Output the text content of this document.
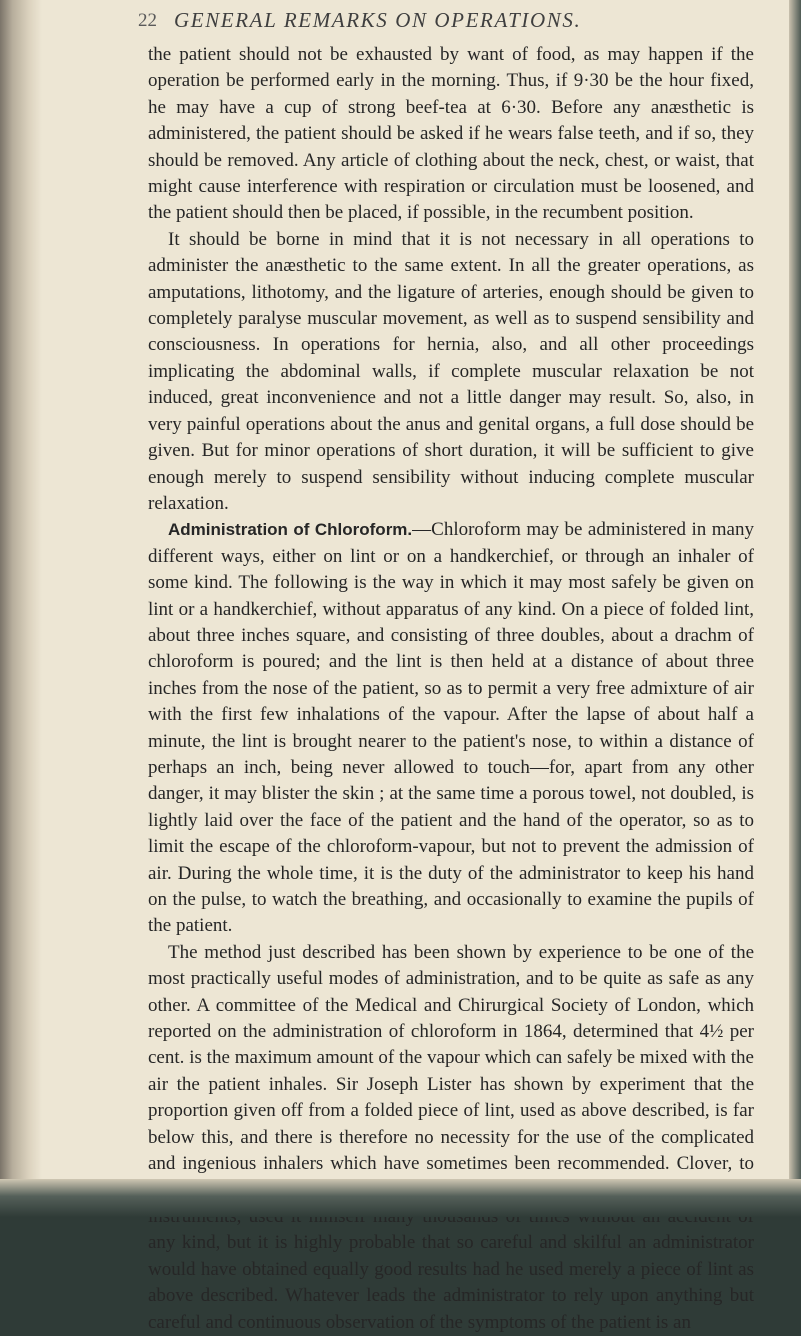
22 GENERAL REMARKS ON OPERATIONS.

the patient should not be exhausted by want of food, as may happen if the operation be performed early in the morning. Thus, if 9·30 be the hour fixed, he may have a cup of strong beef-tea at 6·30. Before any anæsthetic is administered, the patient should be asked if he wears false teeth, and if so, they should be removed. Any article of clothing about the neck, chest, or waist, that might cause interference with respiration or circulation must be loosened, and the patient should then be placed, if possible, in the recumbent position.

It should be borne in mind that it is not necessary in all operations to administer the anæsthetic to the same extent. In all the greater operations, as amputations, lithotomy, and the ligature of arteries, enough should be given to completely paralyse muscular movement, as well as to suspend sensibility and consciousness. In operations for hernia, also, and all other proceedings implicating the abdominal walls, if complete muscular relaxation be not induced, great inconvenience and not a little danger may result. So, also, in very painful operations about the anus and genital organs, a full dose should be given. But for minor operations of short duration, it will be sufficient to give enough merely to suspend sensibility without inducing complete muscular relaxation.

Administration of Chloroform.—Chloroform may be administered in many different ways, either on lint or on a handkerchief, or through an inhaler of some kind. The following is the way in which it may most safely be given on lint or a handkerchief, without apparatus of any kind. On a piece of folded lint, about three inches square, and consisting of three doubles, about a drachm of chloroform is poured; and the lint is then held at a distance of about three inches from the nose of the patient, so as to permit a very free admixture of air with the first few inhalations of the vapour. After the lapse of about half a minute, the lint is brought nearer to the patient's nose, to within a distance of perhaps an inch, being never allowed to touch—for, apart from any other danger, it may blister the skin ; at the same time a porous towel, not doubled, is lightly laid over the face of the patient and the hand of the operator, so as to limit the escape of the chloroform-vapour, but not to prevent the admission of air. During the whole time, it is the duty of the administrator to keep his hand on the pulse, to watch the breathing, and occasionally to examine the pupils of the patient.

The method just described has been shown by experience to be one of the most practically useful modes of administration, and to be quite as safe as any other. A committee of the Medical and Chirurgical Society of London, which reported on the administration of chloroform in 1864, determined that 4½ per cent. is the maximum amount of the vapour which can safely be mixed with the air the patient inhales. Sir Joseph Lister has shown by experiment that the proportion given off from a folded piece of lint, used as above described, is far below this, and there is therefore no necessity for the use of the complicated and ingenious inhalers which have sometimes been recommended. Clover, to any kind, but it is highly probable that so careful and skilful an administrator would have obtained equally good results had he used merely a piece of lint as above described. Whatever leads the administrator to rely upon anything but careful and continuous observation of the symptoms of the patient is an
